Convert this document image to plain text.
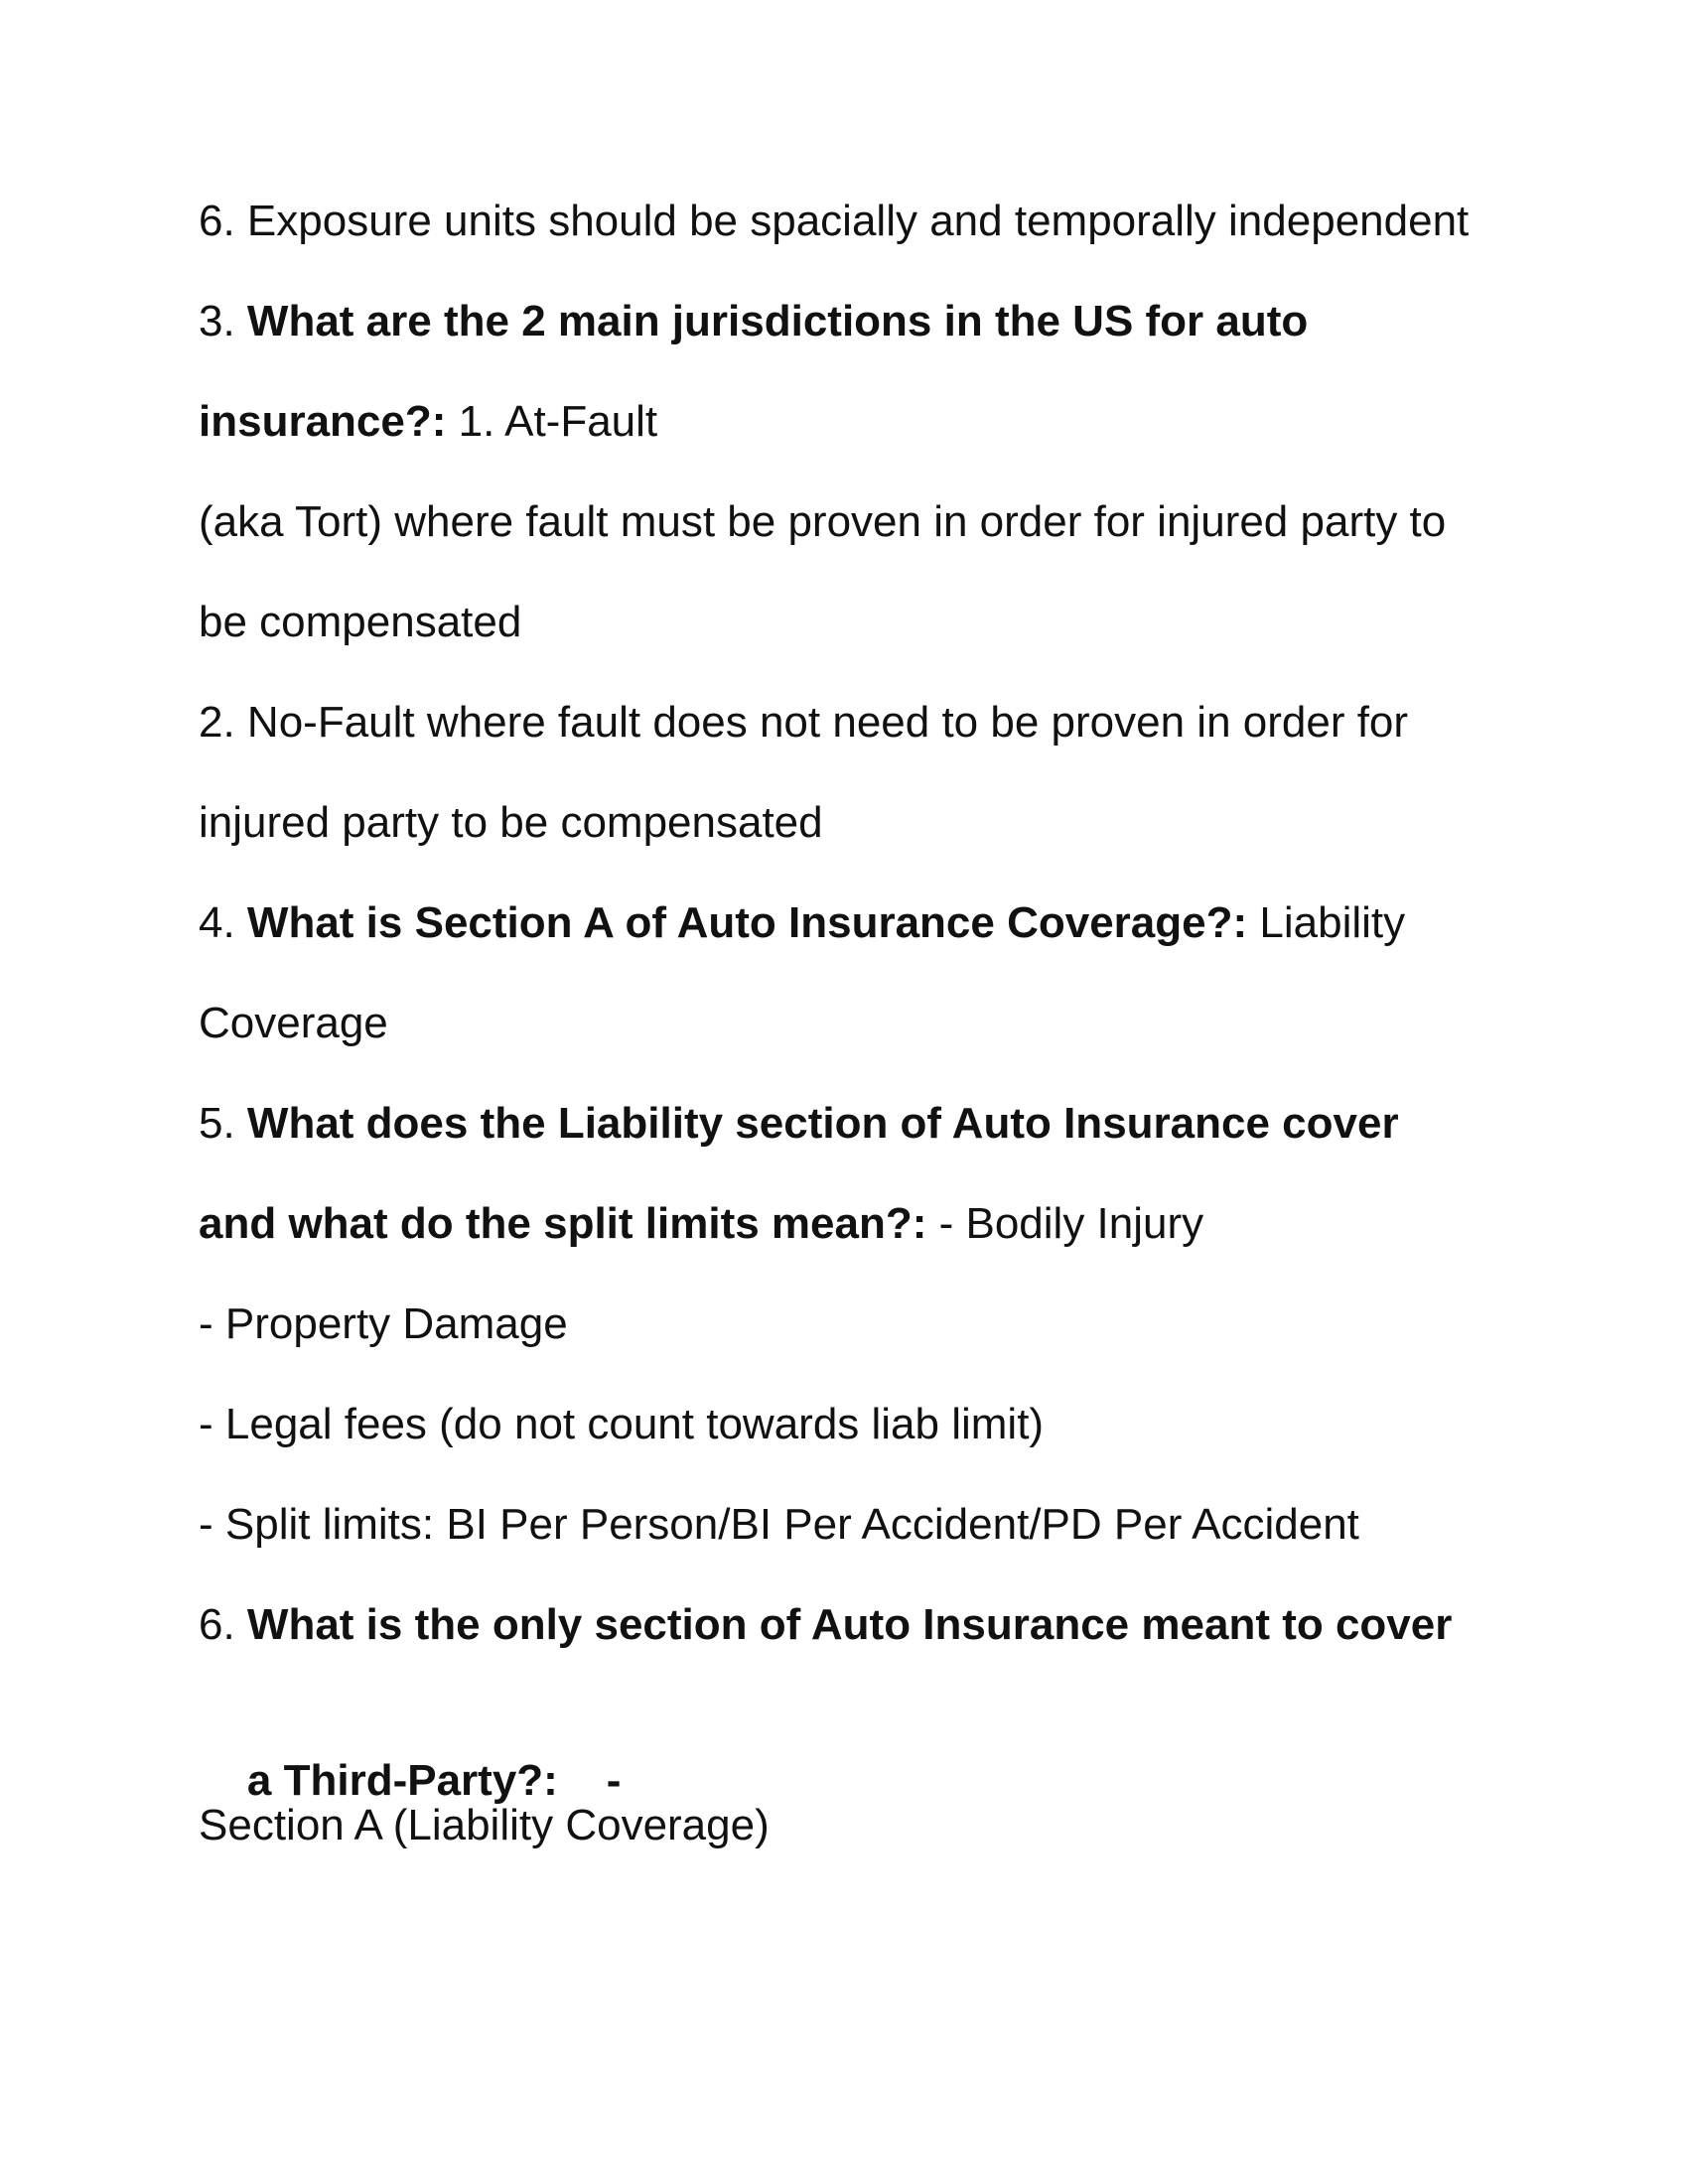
6. Exposure units should be spacially and temporally independent
3. What are the 2 main jurisdictions in the US for auto
insurance?: 1. At-Fault
(aka Tort) where fault must be proven in order for injured party to
be compensated
2. No-Fault where fault does not need to be proven in order for
injured party to be compensated
4. What is Section A of Auto Insurance Coverage?: Liability
Coverage
5. What does the Liability section of Auto Insurance cover
and what do the split limits mean?: - Bodily Injury
- Property Damage
- Legal fees (do not count towards liab limit)
- Split limits: BI Per Person/BI Per Accident/PD Per Accident
6. What is the only section of Auto Insurance meant to cover

a Third-Party?:    -

Section A (Liability Coverage)
